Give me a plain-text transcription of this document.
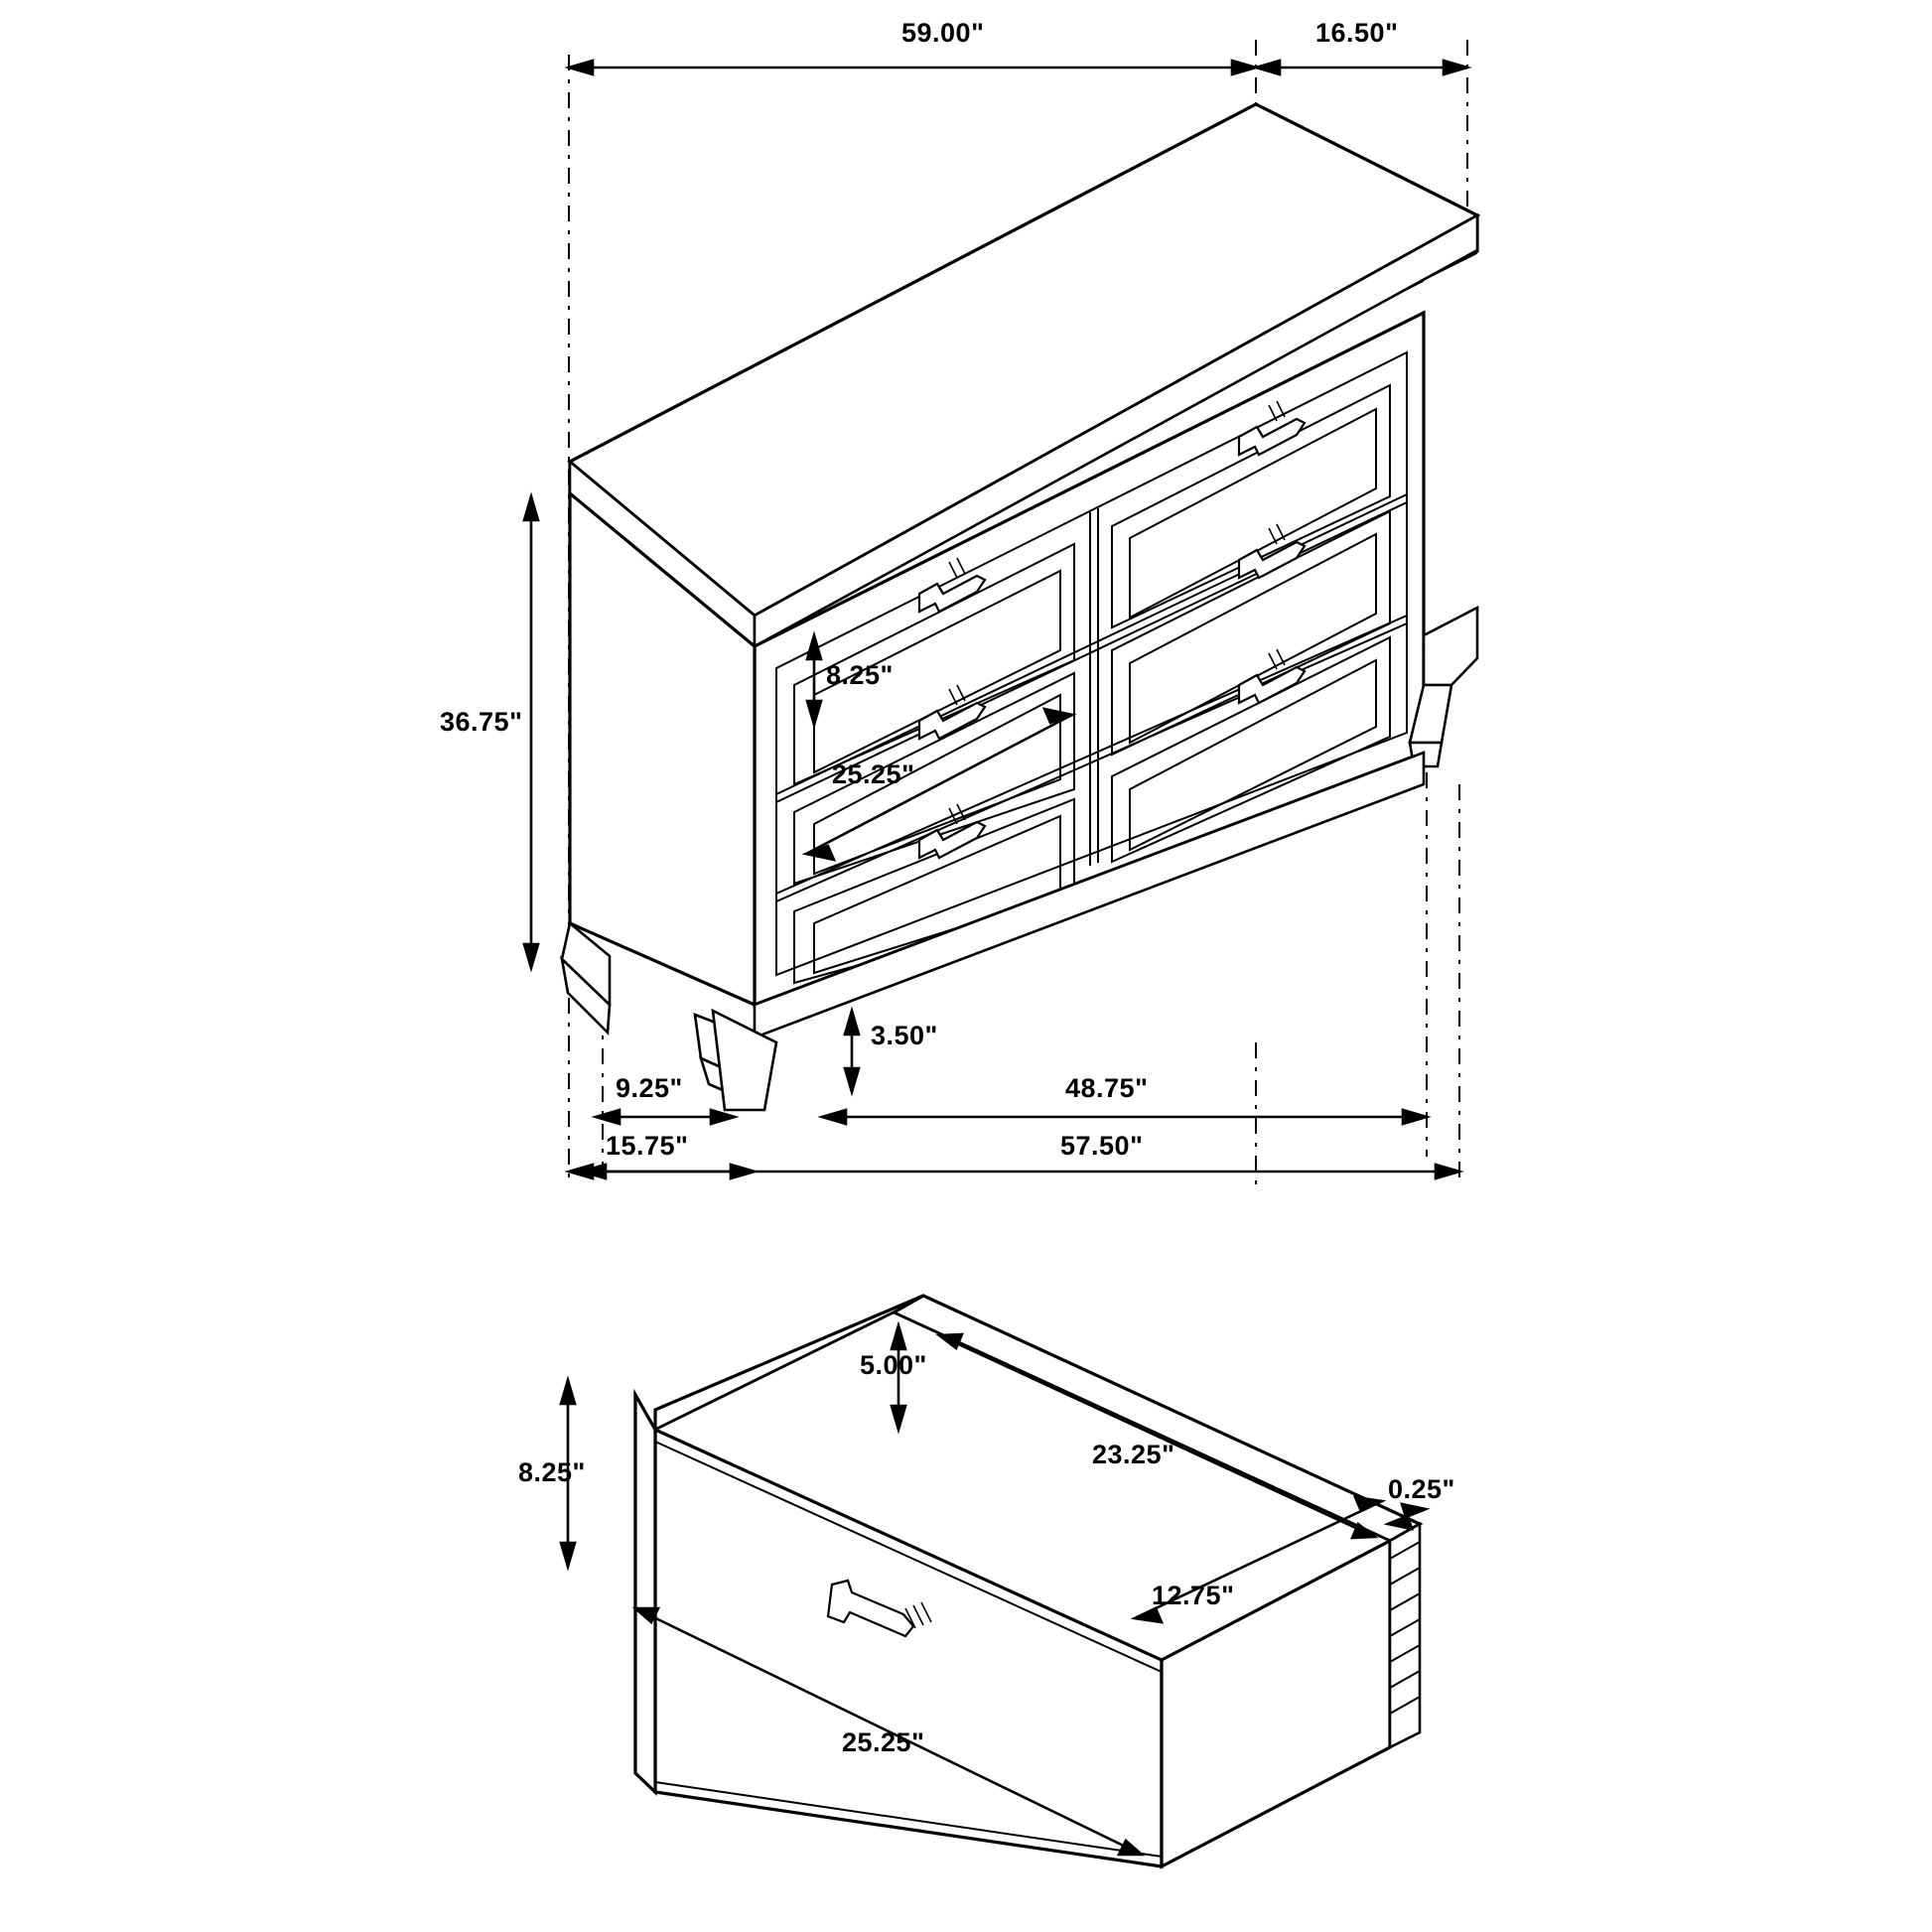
59.00"	16.50"
36.75"
8.25"
25.25"
3.50"
9.25"
15.75"
48.75"
57.50"
5.00"
23.25"
12.75"
0.25"
8.25"
25.25"
